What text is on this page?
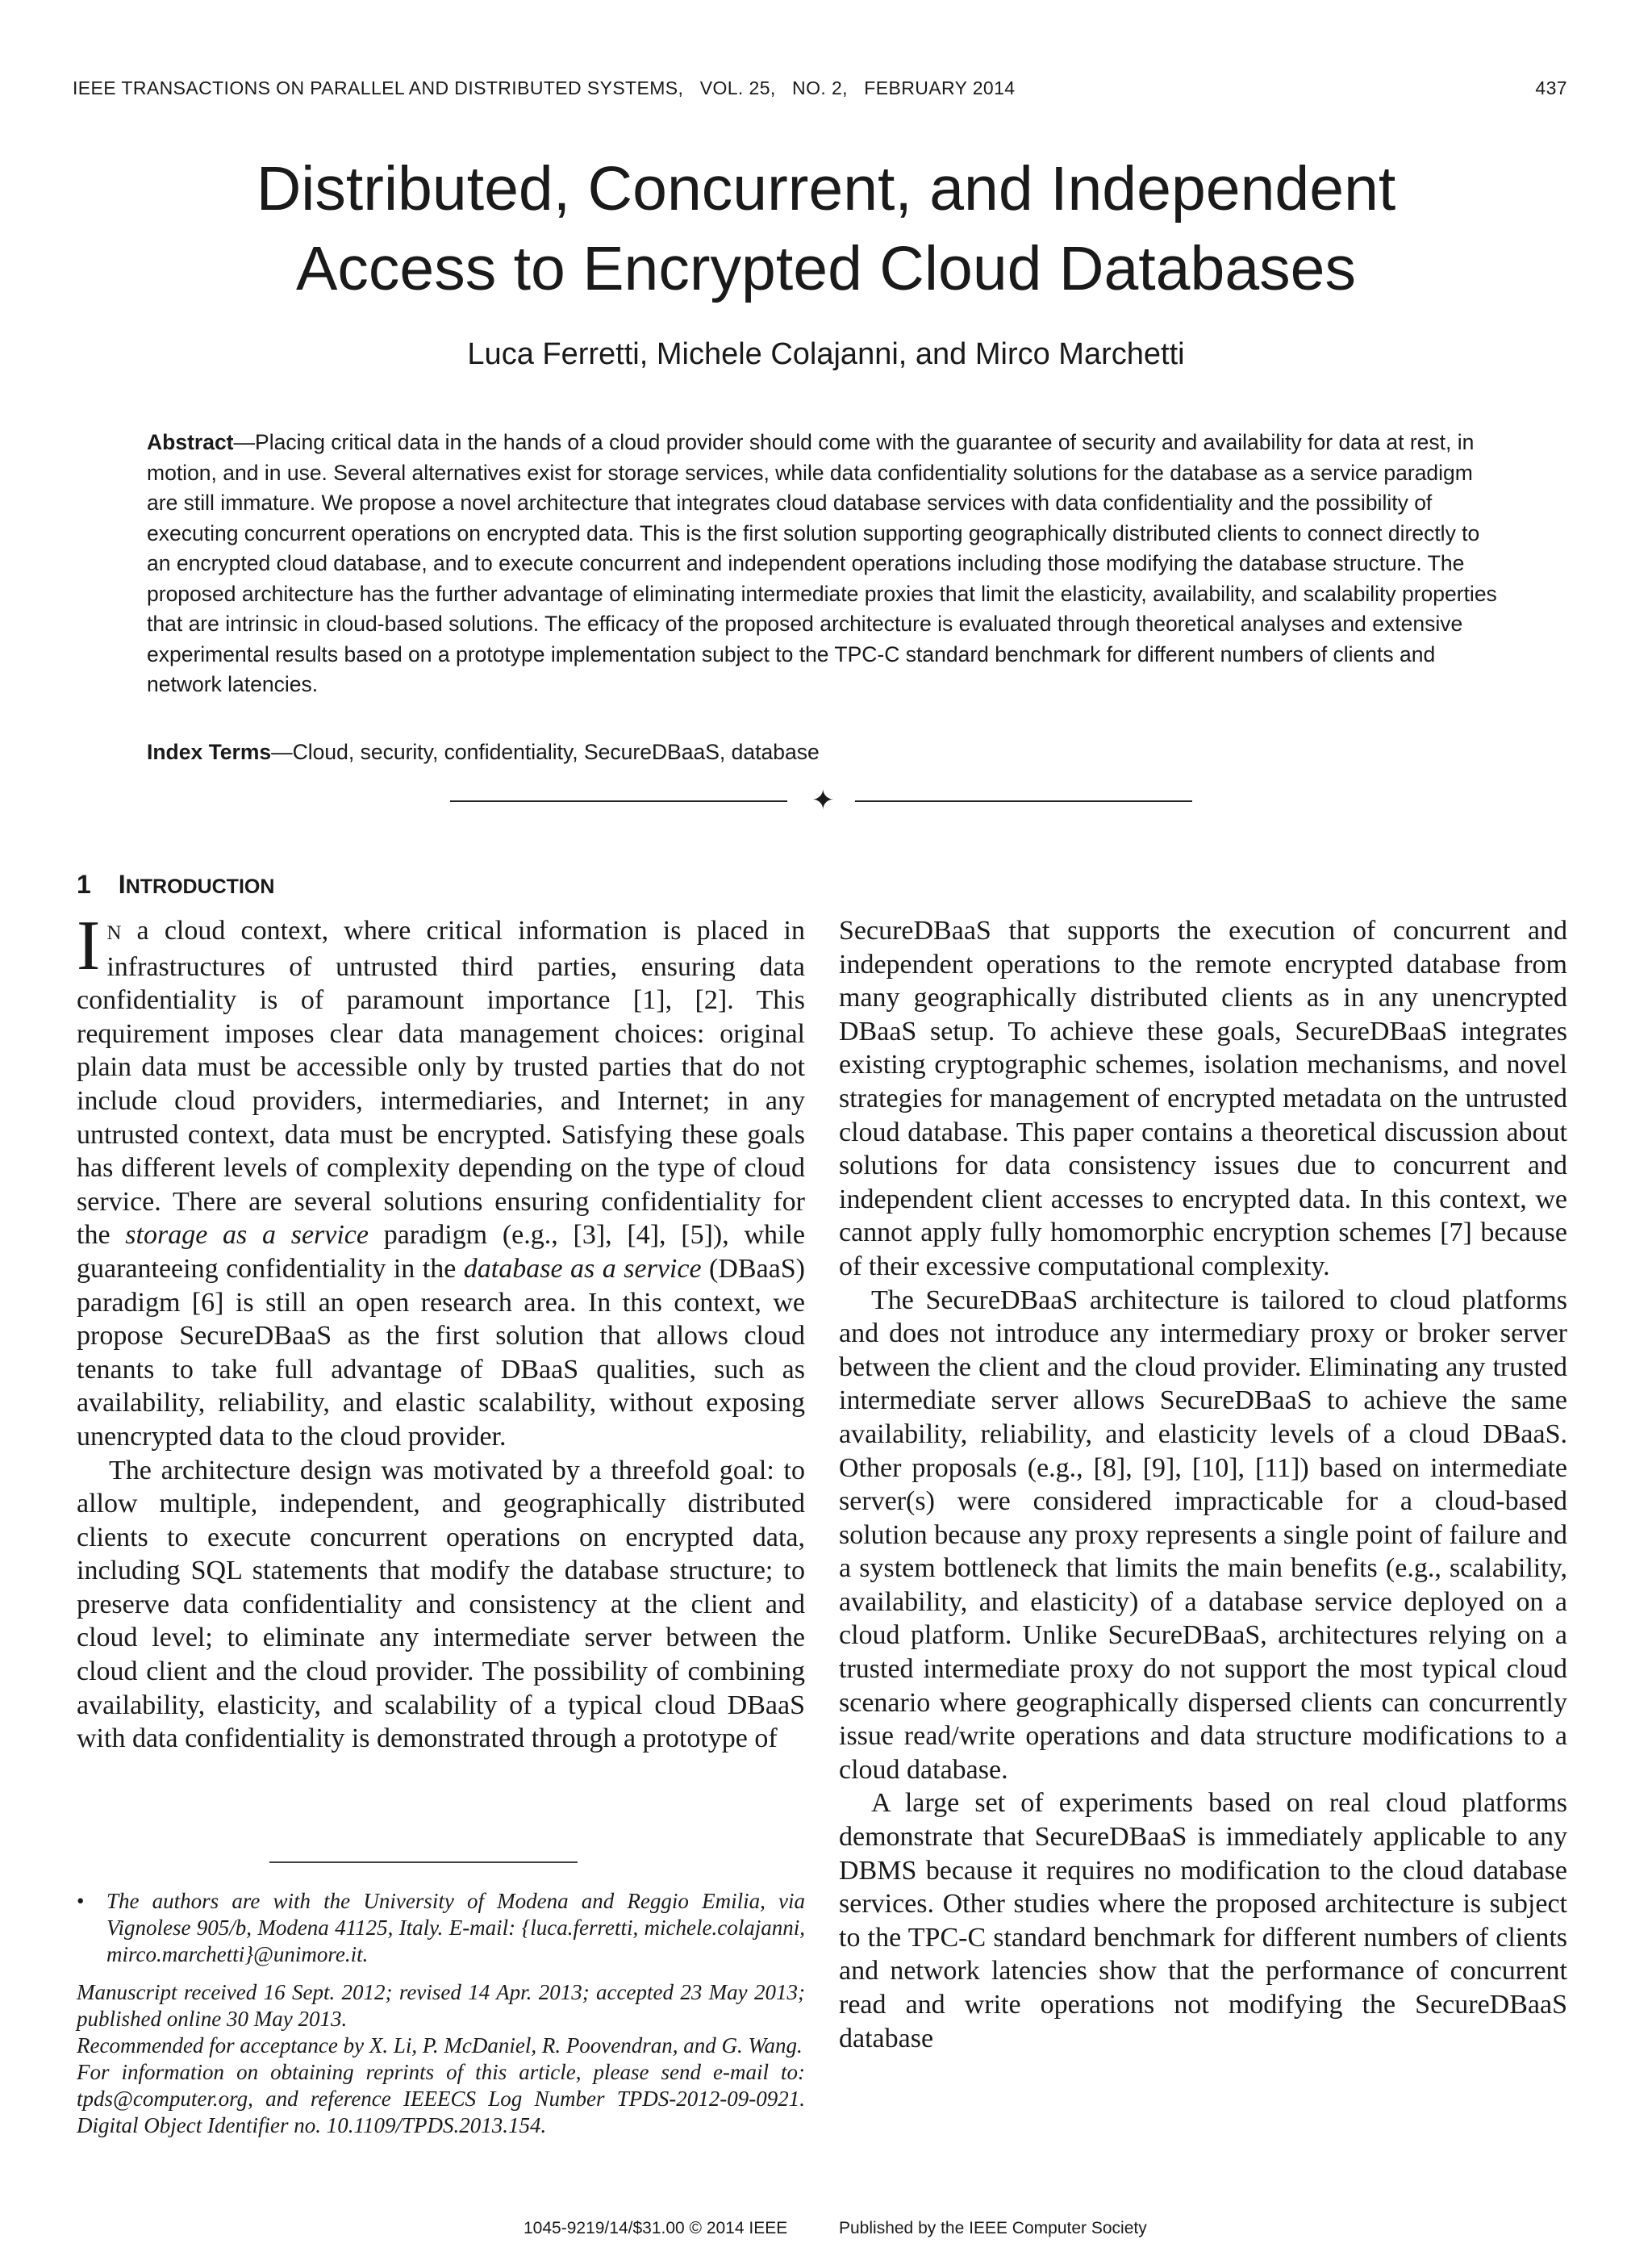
IEEE TRANSACTIONS ON PARALLEL AND DISTRIBUTED SYSTEMS,   VOL. 25,   NO. 2,   FEBRUARY 2014	437
Distributed, Concurrent, and Independent
Access to Encrypted Cloud Databases
Luca Ferretti, Michele Colajanni, and Mirco Marchetti
Abstract—Placing critical data in the hands of a cloud provider should come with the guarantee of security and availability for data at rest, in motion, and in use. Several alternatives exist for storage services, while data confidentiality solutions for the database as a service paradigm are still immature. We propose a novel architecture that integrates cloud database services with data confidentiality and the possibility of executing concurrent operations on encrypted data. This is the first solution supporting geographically distributed clients to connect directly to an encrypted cloud database, and to execute concurrent and independent operations including those modifying the database structure. The proposed architecture has the further advantage of eliminating intermediate proxies that limit the elasticity, availability, and scalability properties that are intrinsic in cloud-based solutions. The efficacy of the proposed architecture is evaluated through theoretical analyses and extensive experimental results based on a prototype implementation subject to the TPC-C standard benchmark for different numbers of clients and network latencies.
Index Terms—Cloud, security, confidentiality, SecureDBaaS, database
✦
1 INTRODUCTION

I N a cloud context, where critical information is placed in infrastructures of untrusted third parties, ensuring data confidentiality is of paramount importance [1], [2]. This requirement imposes clear data management choices: original plain data must be accessible only by trusted parties that do not include cloud providers, intermediaries, and Internet; in any untrusted context, data must be encrypted. Satisfying these goals has different levels of complexity depending on the type of cloud service. There are several solutions ensuring confidentiality for the storage as a service paradigm (e.g., [3], [4], [5]), while guaranteeing confidentiality in the database as a service (DBaaS) paradigm [6] is still an open research area. In this context, we propose SecureDBaaS as the first solution that allows cloud tenants to take full advantage of DBaaS qualities, such as availability, reliability, and elastic scalability, without exposing unencrypted data to the cloud provider.

The architecture design was motivated by a threefold goal: to allow multiple, independent, and geographically distributed clients to execute concurrent operations on encrypted data, including SQL statements that modify the database structure; to preserve data confidentiality and consistency at the client and cloud level; to eliminate any intermediate server between the cloud client and the cloud provider. The possibility of combining availability, elasticity, and scalability of a typical cloud DBaaS with data confidentiality is demonstrated through a prototype of

SecureDBaaS that supports the execution of concurrent and independent operations to the remote encrypted database from many geographically distributed clients as in any unencrypted DBaaS setup. To achieve these goals, SecureDBaaS integrates existing cryptographic schemes, isolation mechanisms, and novel strategies for management of encrypted metadata on the untrusted cloud database. This paper contains a theoretical discussion about solutions for data consistency issues due to concurrent and independent client accesses to encrypted data. In this context, we cannot apply fully homomorphic encryption schemes [7] because of their excessive computational complexity.

The SecureDBaaS architecture is tailored to cloud platforms and does not introduce any intermediary proxy or broker server between the client and the cloud provider. Eliminating any trusted intermediate server allows SecureDBaaS to achieve the same availability, reliability, and elasticity levels of a cloud DBaaS. Other proposals (e.g., [8], [9], [10], [11]) based on intermediate server(s) were considered impracticable for a cloud-based solution because any proxy represents a single point of failure and a system bottleneck that limits the main benefits (e.g., scalability, availability, and elasticity) of a database service deployed on a cloud platform. Unlike SecureDBaaS, architectures relying on a trusted intermediate proxy do not support the most typical cloud scenario where geographically dispersed clients can concurrently issue read/write operations and data structure modifications to a cloud database.

A large set of experiments based on real cloud platforms demonstrate that SecureDBaaS is immediately applicable to any DBMS because it requires no modification to the cloud database services. Other studies where the proposed architecture is subject to the TPC-C standard benchmark for different numbers of clients and network latencies show that the performance of concurrent read and write operations not modifying the SecureDBaaS database

• The authors are with the University of Modena and Reggio Emilia, via Vignolese 905/b, Modena 41125, Italy. E-mail: {luca.ferretti, michele.colajanni, mirco.marchetti}@unimore.it.
Manuscript received 16 Sept. 2012; revised 14 Apr. 2013; accepted 23 May 2013; published online 30 May 2013.
Recommended for acceptance by X. Li, P. McDaniel, R. Poovendran, and G. Wang.
For information on obtaining reprints of this article, please send e-mail to: tpds@computer.org, and reference IEEECS Log Number TPDS-2012-09-0921. Digital Object Identifier no. 10.1109/TPDS.2013.154.
1045-9219/14/$31.00 © 2014 IEEE	Published by the IEEE Computer Society
